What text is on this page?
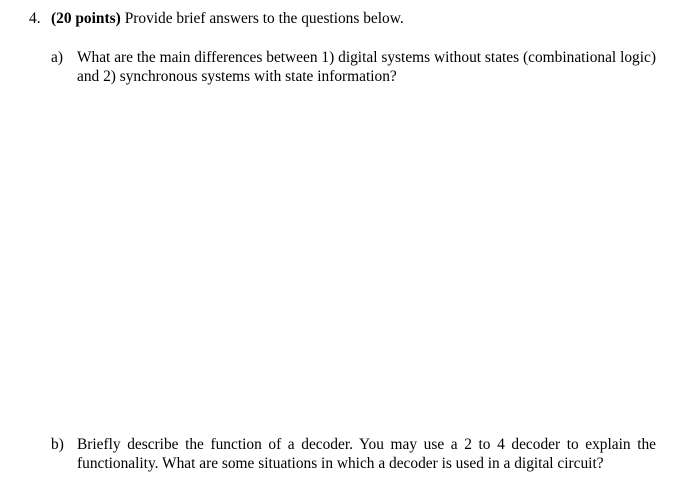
4. (20 points) Provide brief answers to the questions below.
a) What are the main differences between 1) digital systems without states (combinational logic) and 2) synchronous systems with state information?
b) Briefly describe the function of a decoder. You may use a 2 to 4 decoder to explain the functionality. What are some situations in which a decoder is used in a digital circuit?
